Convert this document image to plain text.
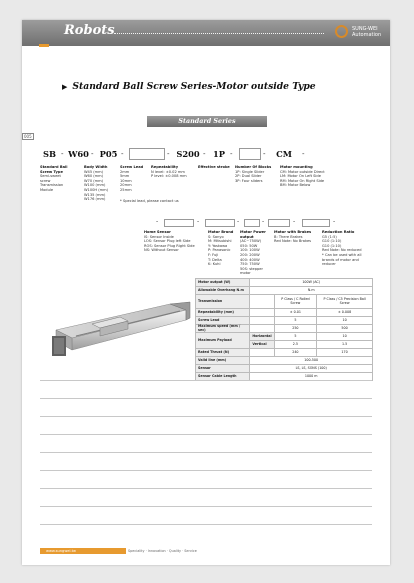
Robots	SUNG-WEI
Automation
▶ Standard Ball Screw Series-Motor outside Type
Standard Series
SB - W60 - P05 -	- S200 - 1P -	- CM	-
005
Standard Ball Screw Type
Semi-sweet screw
Transmission
Module
Body Width
W45 (mm)
W60 (mm)
W70 (mm)
W100 (mm)
W100H (mm)
W135 (mm)
W176 (mm)
Screw Lead
2mm
5mm
10mm
20mm
25mm
* Special lead, please contact us
Repeatability
N level: ±0.02 mm
P level: ±0.008 mm
Effective stroke	Number Of Blocks
1P: Single Slider
2P: Dual Slider
3P: Four sliders
Motor mounting
CM: Motor outside Direct
LM: Motor On Left Side
RM: Motor On Right Side
BM: Motor Below
-	-	-	-	-	-
Home Sensor
IS: Sensor Inside
LOS: Sensor Plug left Side
ROS: Sensor Plug Right Side
NS: Without Sensor
Motor Brand
S: Sanyo
M: Mitsubishi
Y: Yaskawa
P: Panasonic
F: Fuji
T: Delta
K: Kuhi
Motor Power output
(AC~750W)
050: 50W
100: 100W
200: 200W
400: 400W
750: 750W
50S: stepper motor
Motor with Brakes
B: There Brakes
Red Note: No Brakes
Reduction Ratio
G5 (1:5)
G10 (1:10)
G10 (1:10)
Red Note: No reduced
* Can be used with all
brands of motor and
reducer
Motor output (W)	100W (AC)		
Allowable Overhang N.m	N.m		
Transmission		P Class / C Rolled Screw	P Class / C5 Precision Ball Screw
Repeatability (mm)		± 0.01	± 0.008
Screw Lead		5	10
Maximum speed (mm / sec)		250	500
Maximum Payload	Horizontal	5	10
	Vertical	2.5	1.5
Rated Thrust (N)		240	170
Valid line (mm)	100-500		
Sensor	LS, LS, SONS (100)		
Sensor Cable Length	1000 m		
www.sungwei.tw	Speciality · Innovation · Quality · Service
